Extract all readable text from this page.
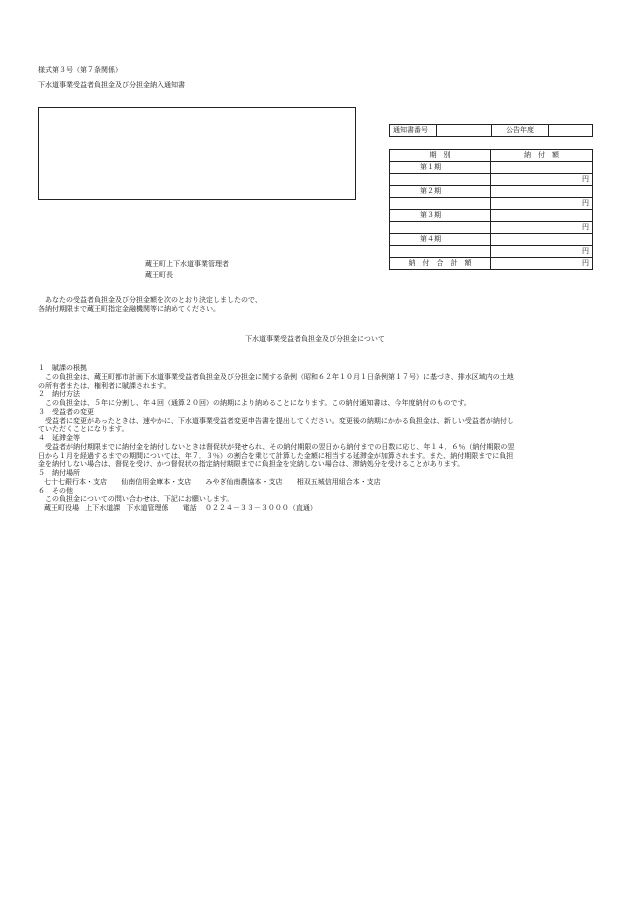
様式第３号（第７条関係）
下水道事業受益者負担金及び分担金納入通知書
蔵王町上下水道事業管理者
蔵王町長
通知書番号		公告年度	
期　別	納　付　額
第１期	
	円
第２期	
	円
第３期	
	円
第４期	
	円
納　付　合　計　額	円
　あなたの受益者負担金及び分担金額を次のとおり決定しましたので、
各納付期限まで蔵王町指定金融機関等に納めてください。
下水道事業受益者負担金及び分担金について
１　賦課の根拠
　この負担金は、蔵王町都市計画下水道事業受益者負担金及び分担金に関する条例（昭和６２年１０月１日条例第１７号）に基づき、排水区域内の土地
の所有者または、権利者に賦課されます。
２　納付方法
　この負担金は、５年に分割し、年４回（通算２０回）の納期により納めることになります。この納付通知書は、今年度納付のものです。
３　受益者の変更
　受益者に変更があったときは、速やかに、下水道事業受益者変更申告書を提出してください。変更後の納期にかかる負担金は、新しい受益者が納付し
ていただくことになります。
４　延滞金等
　受益者が納付期限までに納付金を納付しないときは督促状が発せられ、その納付期限の翌日から納付までの日数に応じ、年１４．６％（納付期限の翌
日から１月を経過するまでの期間については、年７．３％）の割合を乗じて計算した金額に相当する延滞金が加算されます。また、納付期限までに負担
金を納付しない場合は、督促を受け、かつ督促状の指定納付期限までに負担金を完納しない場合は、滞納処分を受けることがあります。
５　納付場所
七十七銀行本・支店 仙南信用金庫本・支店 みやぎ仙南農協本・支店 相双五城信用組合本・支店
６　その他
　この負担金についての問い合わせは、下記にお願いします。
蔵王町役場 上下水道課 下水道管理係 電話 ０２２４－３３－３０００（直通）
